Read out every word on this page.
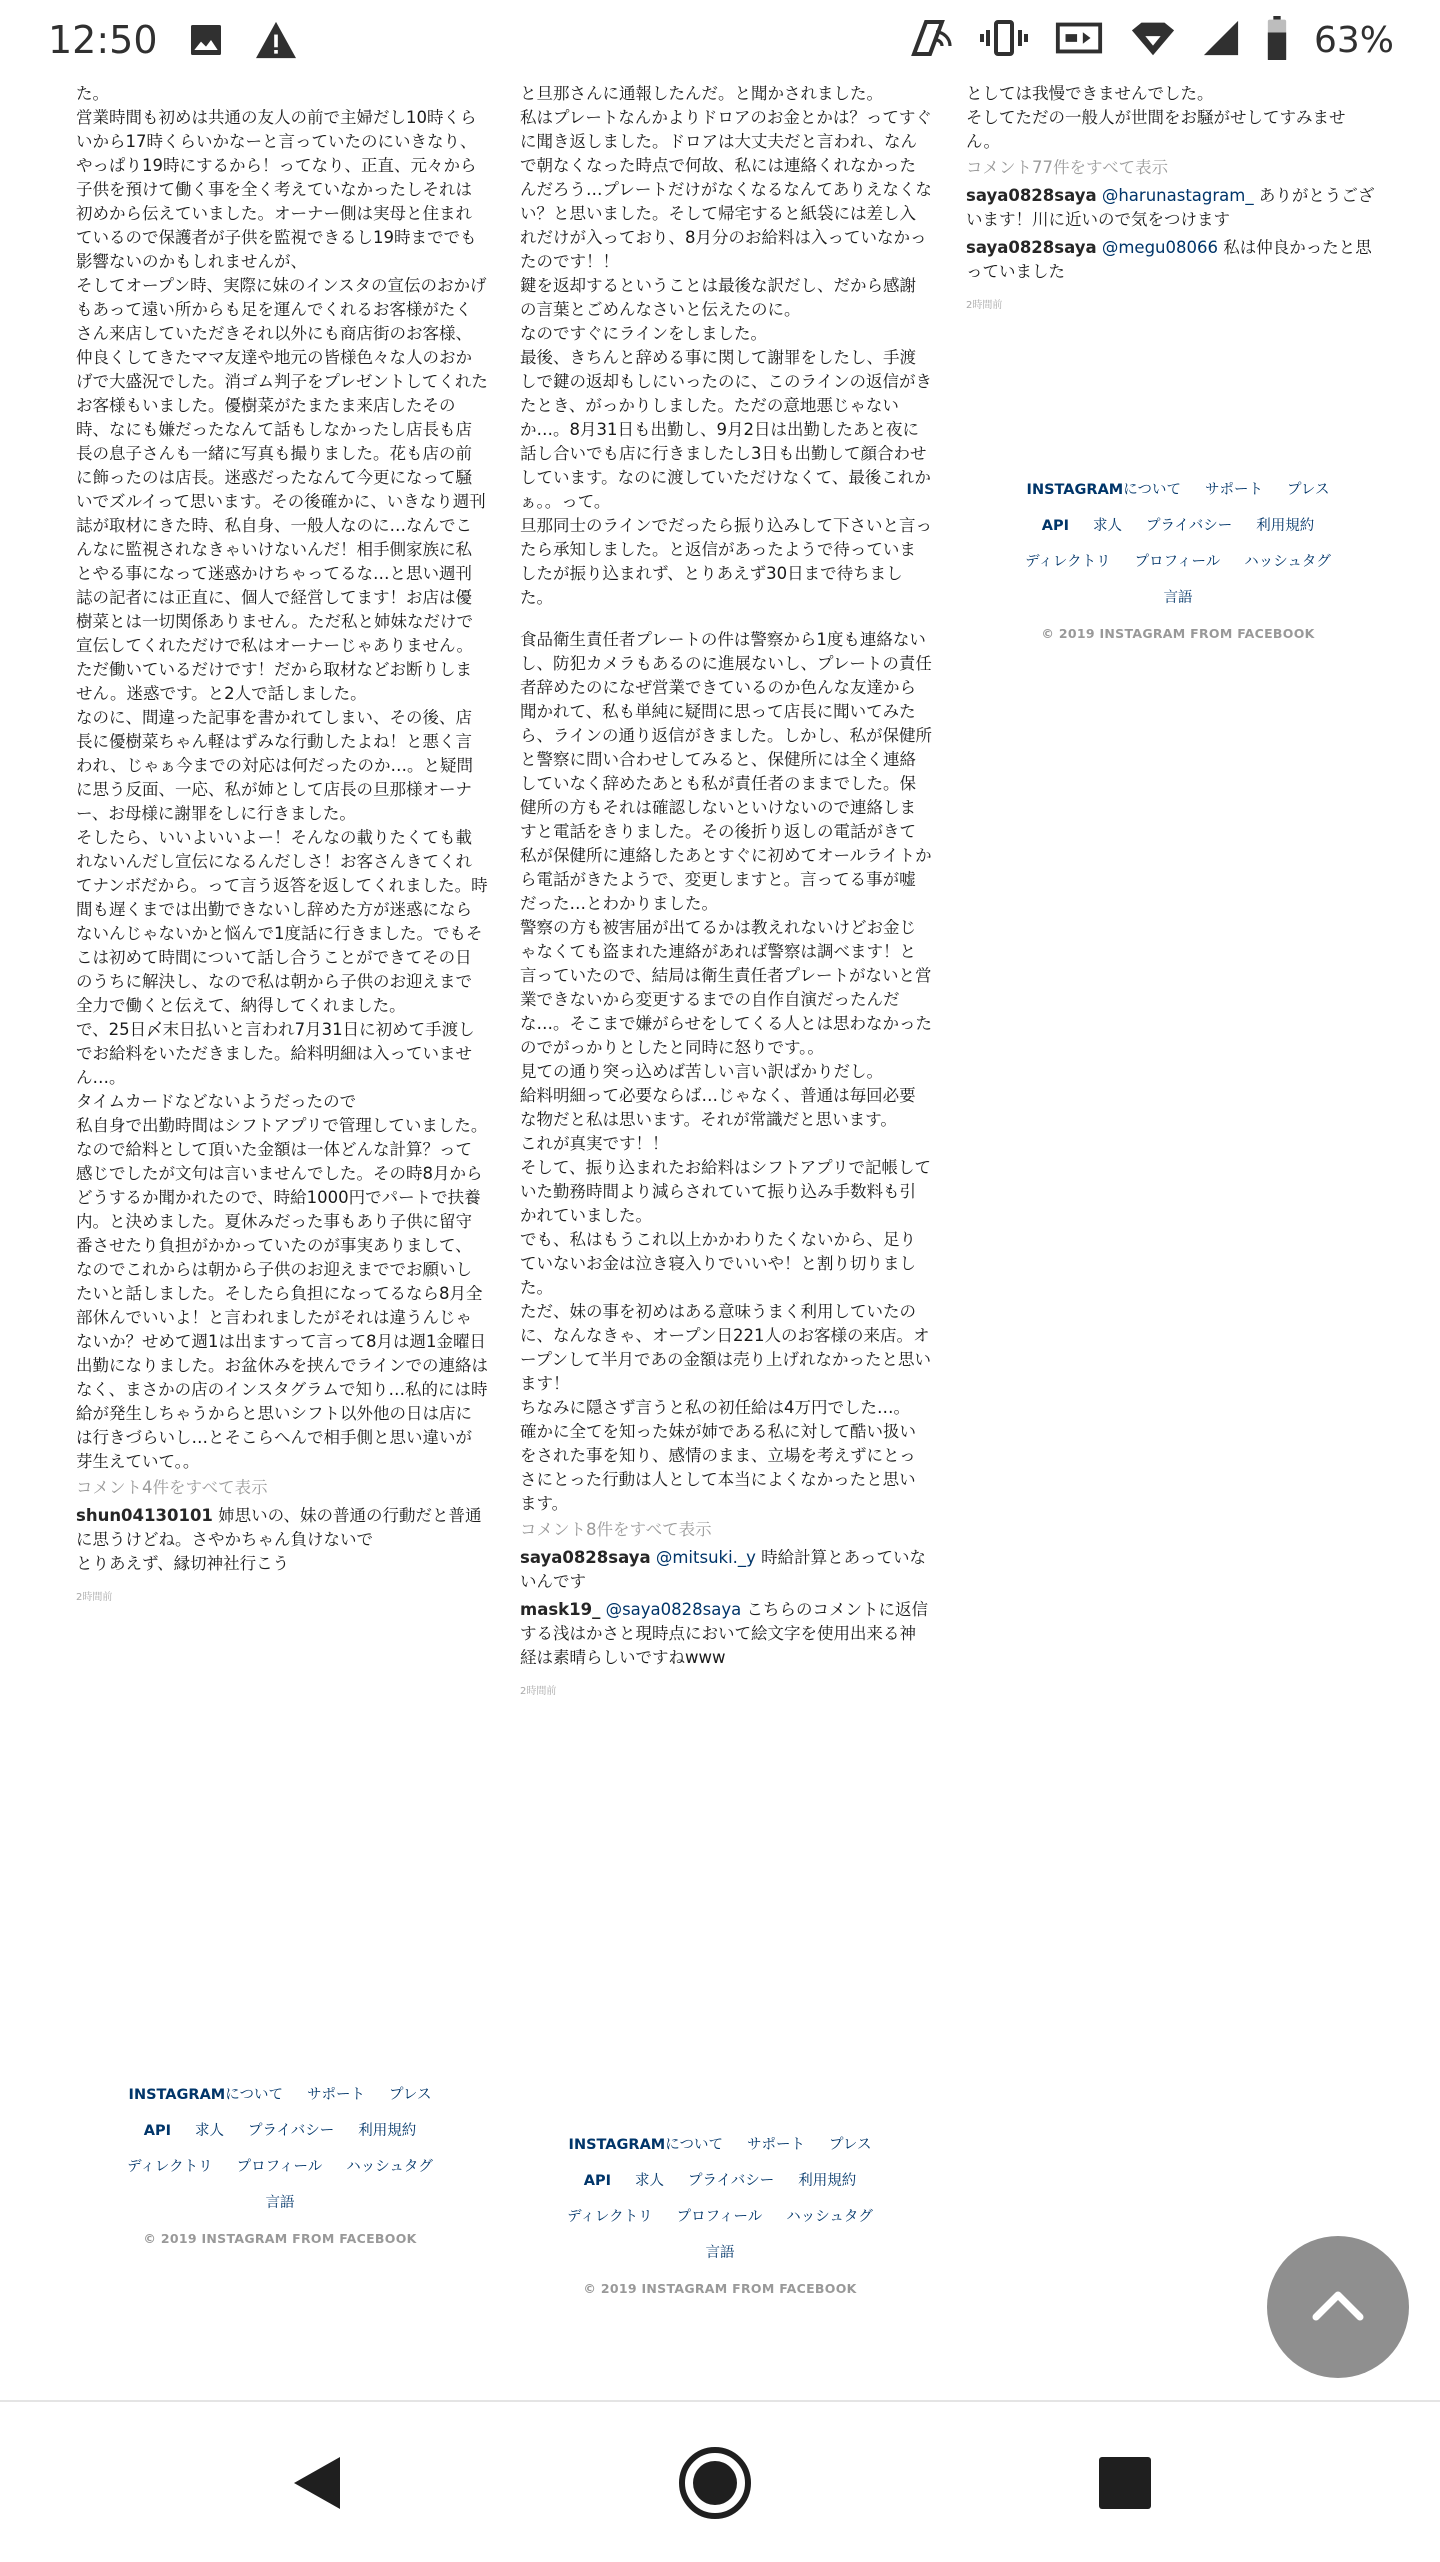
12:50	63%

た。
営業時間も初めは共通の友人の前で主婦だし10時くらいから17時くらいかなーと言っていたのにいきなり、やっぱり19時にするから！ってなり、正直、元々から子供を預けて働く事を全く考えていなかったしそれは初めから伝えていました。オーナー側は実母と住まれているので保護者が子供を監視できるし19時まででも影響ないのかもしれませんが、
そしてオープン時、実際に妹のインスタの宣伝のおかげもあって遠い所からも足を運んでくれるお客様がたくさん来店していただきそれ以外にも商店街のお客様、仲良くしてきたママ友達や地元の皆様色々な人のおかげで大盛況でした。消ゴム判子をプレゼントしてくれたお客様もいました。優樹菜がたまたま来店したその時、なにも嫌だったなんて話もしなかったし店長も店長の息子さんも一緒に写真も撮りました。花も店の前に飾ったのは店長。迷惑だったなんて今更になって騒いでズルイって思います。その後確かに、いきなり週刊誌が取材にきた時、私自身、一般人なのに…なんでこんなに監視されなきゃいけないんだ！相手側家族に私とやる事になって迷惑かけちゃってるな…と思い週刊誌の記者には正直に、個人で経営してます！お店は優樹菜とは一切関係ありません。ただ私と姉妹なだけで宣伝してくれただけで私はオーナーじゃありません。ただ働いているだけです！だから取材などお断りしません。迷惑です。と2人で話しました。
なのに、間違った記事を書かれてしまい、その後、店長に優樹菜ちゃん軽はずみな行動したよね！と悪く言われ、じゃぁ今までの対応は何だったのか…。と疑問に思う反面、一応、私が姉として店長の旦那様オーナー、お母様に謝罪をしに行きました。
そしたら、いいよいいよー！そんなの載りたくても載れないんだし宣伝になるんだしさ！お客さんきてくれてナンボだから。って言う返答を返してくれました。時間も遅くまでは出勤できないし辞めた方が迷惑にならないんじゃないかと悩んで1度話に行きました。でもそこは初めて時間について話し合うことができてその日のうちに解決し、なので私は朝から子供のお迎えまで全力で働くと伝えて、納得してくれました。
で、25日〆末日払いと言われ7月31日に初めて手渡しでお給料をいただきました。給料明細は入っていません…。
タイムカードなどないようだったので
私自身で出勤時間はシフトアプリで管理していました。なので給料として頂いた金額は一体どんな計算？って感じでしたが文句は言いませんでした。その時8月からどうするか聞かれたので、時給1000円でパートで扶養内。と決めました。夏休みだった事もあり子供に留守番させたり負担がかかっていたのが事実ありまして、なのでこれからは朝から子供のお迎えまででお願いしたいと話しました。そしたら負担になってるなら8月全部休んでいいよ！と言われましたがそれは違うんじゃないか？せめて週1は出ますって言って8月は週1金曜日出勤になりました。お盆休みを挟んでラインでの連絡はなく、まさかの店のインスタグラムで知り…私的には時給が発生しちゃうからと思いシフト以外他の日は店には行きづらいし…とそこらへんで相手側と思い違いが芽生えていて。。

コメント4件をすべて表示
shun04130101 姉思いの、妹の普通の行動だと普通に思うけどね。さやかちゃん負けないで
とりあえず、縁切神社行こう
2時間前

と旦那さんに通報したんだ。と聞かされました。
私はプレートなんかよりドロアのお金とかは？ってすぐに聞き返しました。ドロアは大丈夫だと言われ、なんで朝なくなった時点で何故、私には連絡くれなかったんだろう…プレートだけがなくなるなんてありえなくない？と思いました。そして帰宅すると紙袋には差し入れだけが入っており、8月分のお給料は入っていなかったのです！！
鍵を返却するということは最後な訳だし、だから感謝の言葉とごめんなさいと伝えたのに。
なのですぐにラインをしました。
最後、きちんと辞める事に関して謝罪をしたし、手渡しで鍵の返却もしにいったのに、このラインの返信がきたとき、がっかりしました。ただの意地悪じゃないか…。8月31日も出勤し、9月2日は出勤したあと夜に話し合いでも店に行きましたし3日も出勤して顔合わせしています。なのに渡していただけなくて、最後これかぁ。。って。
旦那同士のラインでだったら振り込みして下さいと言ったら承知しました。と返信があったようで待っていましたが振り込まれず、とりあえず30日まで待ちました。

食品衛生責任者プレートの件は警察から1度も連絡ないし、防犯カメラもあるのに進展ないし、プレートの責任者辞めたのになぜ営業できているのか色んな友達から聞かれて、私も単純に疑問に思って店長に聞いてみたら、ラインの通り返信がきました。しかし、私が保健所と警察に問い合わせしてみると、保健所には全く連絡していなく辞めたあとも私が責任者のままでした。保健所の方もそれは確認しないといけないので連絡しますと電話をきりました。その後折り返しの電話がきて私が保健所に連絡したあとすぐに初めてオールライトから電話がきたようで、変更しますと。言ってる事が嘘だった…とわかりました。
警察の方も被害届が出てるかは教えれないけどお金じゃなくても盗まれた連絡があれば警察は調べます！と言っていたので、結局は衛生責任者プレートがないと営業できないから変更するまでの自作自演だったんだな…。そこまで嫌がらせをしてくる人とは思わなかったのでがっかりとしたと同時に怒りです。。
見ての通り突っ込めば苦しい言い訳ばかりだし。
給料明細って必要ならば…じゃなく、普通は毎回必要な物だと私は思います。それが常識だと思います。
これが真実です！！
そして、振り込まれたお給料はシフトアプリで記帳していた勤務時間より減らされていて振り込み手数料も引かれていました。
でも、私はもうこれ以上かかわりたくないから、足りていないお金は泣き寝入りでいいや！と割り切りました。
ただ、妹の事を初めはある意味うまく利用していたのに、なんなきゃ、オープン日221人のお客様の来店。オープンして半月であの金額は売り上げれなかったと思います！
ちなみに隠さず言うと私の初任給は4万円でした…。
確かに全てを知った妹が姉である私に対して酷い扱いをされた事を知り、感情のまま、立場を考えずにとっさにとった行動は人として本当によくなかったと思います。

コメント8件をすべて表示
saya0828saya @mitsuki._y 時給計算とあっていないんです
mask19_ @saya0828saya こちらのコメントに返信する浅はかさと現時点において絵文字を使用出来る神経は素晴らしいですねwww
2時間前

としては我慢できませんでした。
そしてただの一般人が世間をお騒がせしてすみません。

コメント77件をすべて表示
saya0828saya @harunastagram_ ありがとうございます！川に近いので気をつけます
saya0828saya @megu08066 私は仲良かったと思っていました
2時間前
INSTAGRAMについて サポート プレス
API 求人 プライバシー 利用規約
ディレクトリ プロフィール ハッシュタグ
言語
© 2019 INSTAGRAM FROM FACEBOOK
INSTAGRAMについて サポート プレス
API 求人 プライバシー 利用規約
ディレクトリ プロフィール ハッシュタグ
言語
© 2019 INSTAGRAM FROM FACEBOOK
INSTAGRAMについて サポート プレス
API 求人 プライバシー 利用規約
ディレクトリ プロフィール ハッシュタグ
言語
© 2019 INSTAGRAM FROM FACEBOOK
